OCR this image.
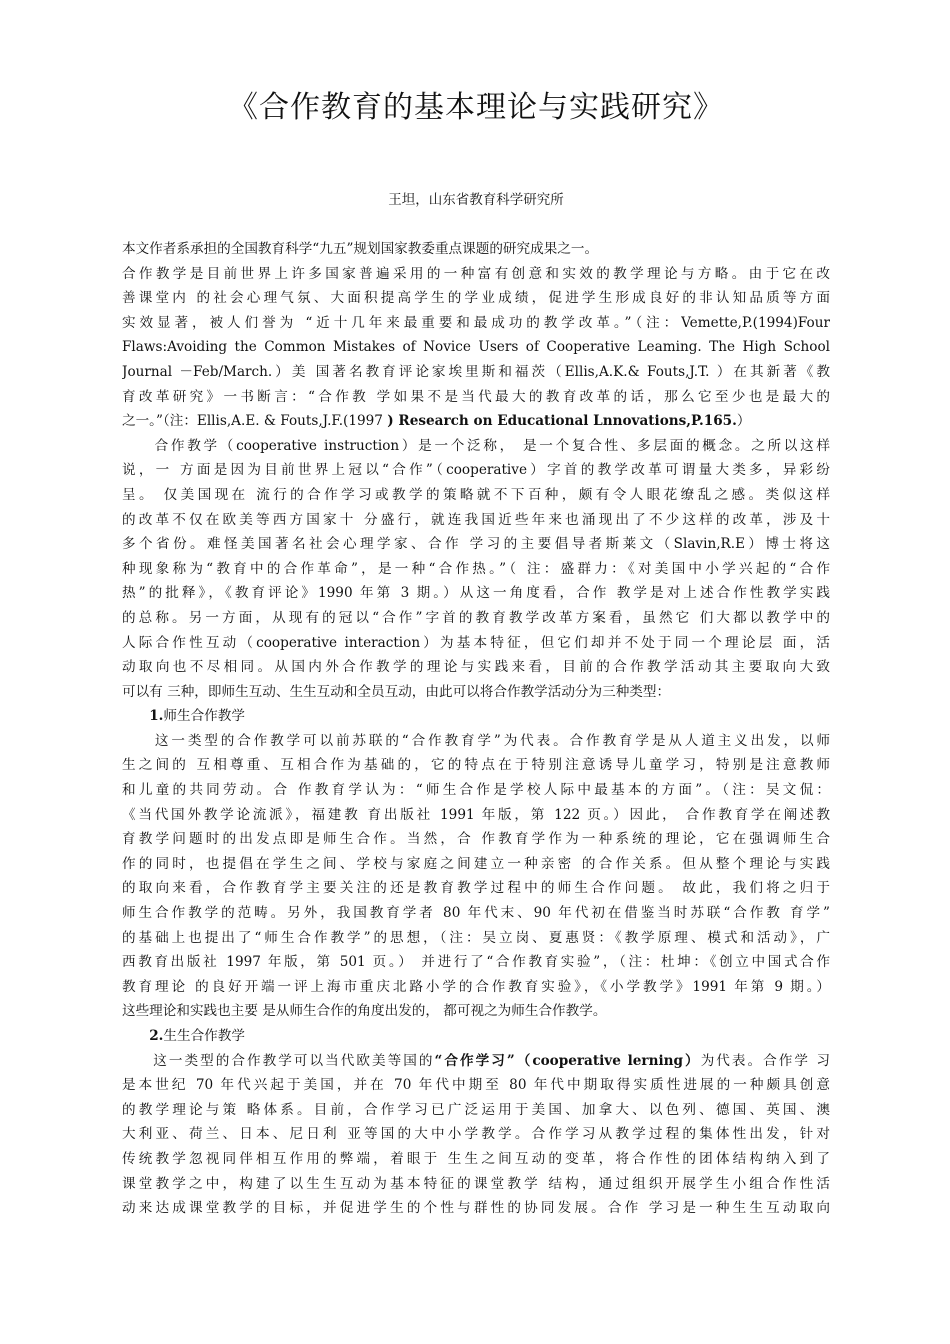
《合作教育的基本理论与实践研究》
王坦，山东省教育科学研究所
本文作者系承担的全国教育科学“九五”规划国家教委重点课题的研究成果之一。
合作教学是目前世界上许多国家普遍采用的一种富有创意和实效的教学理论与方略。由于它在改
善课堂内 的社会心理气氛、大面积提高学生的学业成绩，促进学生形成良好的非认知品质等方面
实效显著，被人们誉为 “近十几年来最重要和最成功的教学改革。”（注：Vemette,P.(1994)Four
Flaws:Avoiding the Common Mistakes of Novice Users of Cooperative Leaming. The High School
Journal －Feb/March.）美 国著名教育评论家埃里斯和福茨（Ellis,A.K.& Fouts,J.T. ）在其新著《教
育改革研究》一书断言：“合作教 学如果不是当代最大的教育改革的话，那么它至少也是最大的
之一。”（注：Ellis,A.E. & Fouts,J.F.(1997 ) Research on Educational Lnnovations,P.165.）
　　合作教学（cooperative instruction）是一个泛称， 是一个复合性、多层面的概念。之所以这样
说，一 方面是因为目前世界上冠以“合作”（cooperative）字首的教学改革可谓量大类多，异彩纷
呈。 仅美国现在 流行的合作学习或教学的策略就不下百种，颇有令人眼花缭乱之感。类似这样
的改革不仅在欧美等西方国家十 分盛行，就连我国近些年来也涌现出了不少这样的改革，涉及十
多个省份。难怪美国著名社会心理学家、合作 学习的主要倡导者斯莱文（Slavin,R.E）博士将这
种现象称为“教育中的合作革命”，是一种“合作热。”（ 注：盛群力：《对美国中小学兴起的“合作
热”的批释》，《教育评论》1990 年第 3 期。）从这一角度看，合作 教学是对上述合作性教学实践
的总称。另一方面，从现有的冠以“合作”字首的教育教学改革方案看，虽然它 们大都以教学中的
人际合作性互动（cooperative interaction）为基本特征，但它们却并不处于同一个理论层 面，活
动取向也不尽相同。从国内外合作教学的理论与实践来看，目前的合作教学活动其主要取向大致
可以有 三种，即师生互动、生生互动和全员互动，由此可以将合作教学活动分为三种类型：
　　1.师生合作教学
　　这一类型的合作教学可以前苏联的“合作教育学”为代表。合作教育学是从人道主义出发，以师
生之间的 互相尊重、互相合作为基础的，它的特点在于特别注意诱导儿童学习，特别是注意教师
和儿童的共同劳动。合 作教育学认为：“师生合作是学校人际中最基本的方面”。（注：吴文侃：
《当代国外教学论流派》，福建教 育出版社 1991 年版，第 122 页。）因此， 合作教育学在阐述教
育教学问题时的出发点即是师生合作。当然，合 作教育学作为一种系统的理论，它在强调师生合
作的同时，也提倡在学生之间、学校与家庭之间建立一种亲密 的合作关系。但从整个理论与实践
的取向来看，合作教育学主要关注的还是教育教学过程中的师生合作问题。 故此，我们将之归于
师生合作教学的范畴。另外，我国教育学者 80 年代末、90 年代初在借鉴当时苏联“合作教 育学”
的基础上也提出了“师生合作教学”的思想，（注：吴立岗、夏惠贤：《教学原理、模式和活动》，广
西教育出版社 1997 年版，第 501 页。） 并进行了“合作教育实验”，（注：杜坤：《创立中国式合作
教育理论 的良好开端一评上海市重庆北路小学的合作教育实验》，《小学教学》1991 年第 9 期。）
这些理论和实践也主要 是从师生合作的角度出发的， 都可视之为师生合作教学。
　　2.生生合作教学
　　这一类型的合作教学可以当代欧美等国的“合作学习”（cooperative lerning）为代表。合作学 习
是本世纪 70 年代兴起于美国，并在 70 年代中期至 80 年代中期取得实质性进展的一种颇具创意
的教学理论与策 略体系。目前，合作学习已广泛运用于美国、加拿大、以色列、德国、英国、澳
大利亚、荷兰、日本、尼日利 亚等国的大中小学教学。合作学习从教学过程的集体性出发，针对
传统教学忽视同伴相互作用的弊端，着眼于 生生之间互动的变革，将合作性的团体结构纳入到了
课堂教学之中，构建了以生生互动为基本特征的课堂教学 结构，通过组织开展学生小组合作性活
动来达成课堂教学的目标，并促进学生的个性与群性的协同发展。合作 学习是一种生生互动取向
